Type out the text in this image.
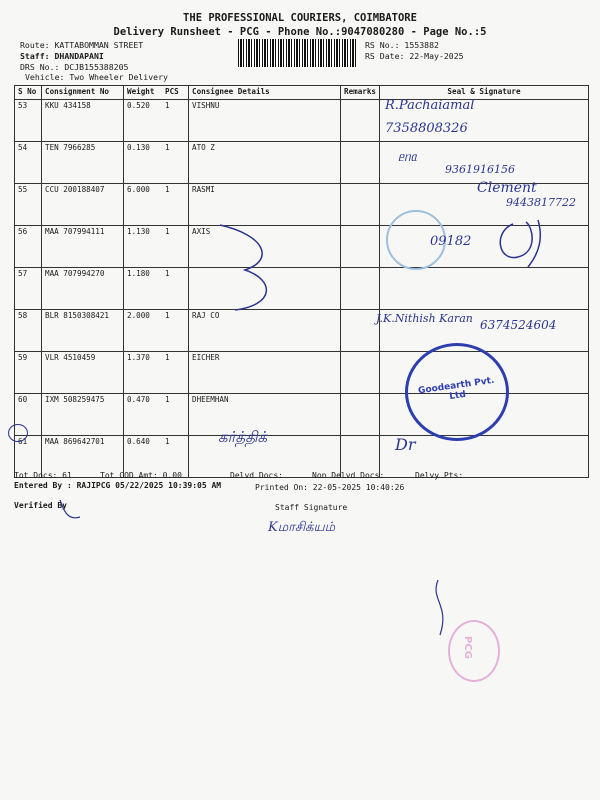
THE PROFESSIONAL COURIERS, COIMBATORE
Delivery Runsheet - PCG - Phone No.:9047080280 - Page No.:5
Route: KATTABOMMAN STREET
Staff: DHANDAPANI
DRS No.: DCJB155388205
Vehicle: Two Wheeler Delivery
RS No.: 1553882
RS Date: 22-May-2025
S No	Consignment No	Weight	PCS	Consignee Details	Remarks	Seal & Signature
53	KKU 434158	0.520	1	VISHNU		
54	TEN 7966285	0.130	1	ATO Z		
55	CCU 200188407	6.000	1	RASMI		
56	MAA 707994111	1.130	1	AXIS		
57	MAA 707994270	1.180	1			
58	BLR 8150308421	2.000	1	RAJ CO		
59	VLR 4510459	1.370	1	EICHER		
60	IXM 508259475	0.470	1	DHEEMHAN		
61	MAA 869642701	0.640	1			
R.Pachaiamal
7358808326
ᥱᥒᥲ
9361916156
Clement
9443817722
09182
J.K.Nithish Karan 6374524604
Goodearth Pvt. Ltd
Dr
கர்த்திக்
Tot Docs: 61	Tot COD Amt: 0.00	Delvd Docs:	Non Delvd Docs:	Delvy Pts:
Entered By : RAJIPCG 05/22/2025 10:39:05 AM	Printed On: 22-05-2025 10:40:26
Verified By	Staff Signature
Kமாசிக்யம்
PCG
